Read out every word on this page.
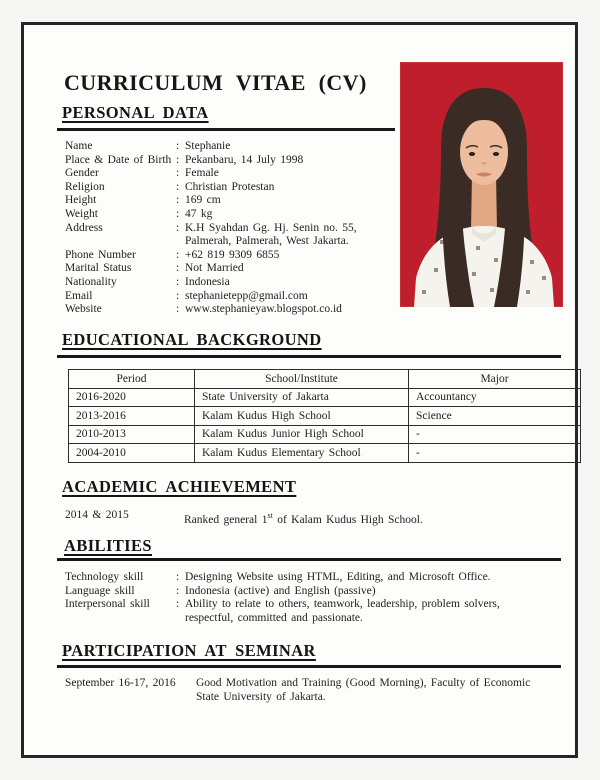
CURRICULUM VITAE (CV)
PERSONAL DATA
Name	: Stephanie
Place & Date of Birth : Pekanbaru, 14 July 1998
Gender	: Female
Religion	: Christian Protestan
Height	: 169 cm
Weight	: 47 kg
Address	: K.H Syahdan Gg. Hj. Senin no. 55,
Palmerah, Palmerah, West Jakarta.
Phone Number	: +62 819 9309 6855
Marital Status	: Not Married
Nationality	: Indonesia
Email	: stephanietepp@gmail.com
Website	: www.stephanieyaw.blogspot.co.id
EDUCATIONAL BACKGROUND
Period	School/Institute	Major
2016-2020	State University of Jakarta	Accountancy
2013-2016	Kalam Kudus High School	Science
2010-2013	Kalam Kudus Junior High School	-
2004-2010	Kalam Kudus Elementary School	-
ACADEMIC ACHIEVEMENT
2014 & 2015	Ranked general 1st of Kalam Kudus High School.
ABILITIES
Technology skill	: Designing Website using HTML, Editing, and Microsoft Office.
Language skill	: Indonesia (active) and English (passive)
Interpersonal skill	: Ability to relate to others, teamwork, leadership, problem solvers, respectful, committed and passionate.
PARTICIPATION AT SEMINAR
September 16-17, 2016	Good Motivation and Training (Good Morning), Faculty of Economic State University of Jakarta.
